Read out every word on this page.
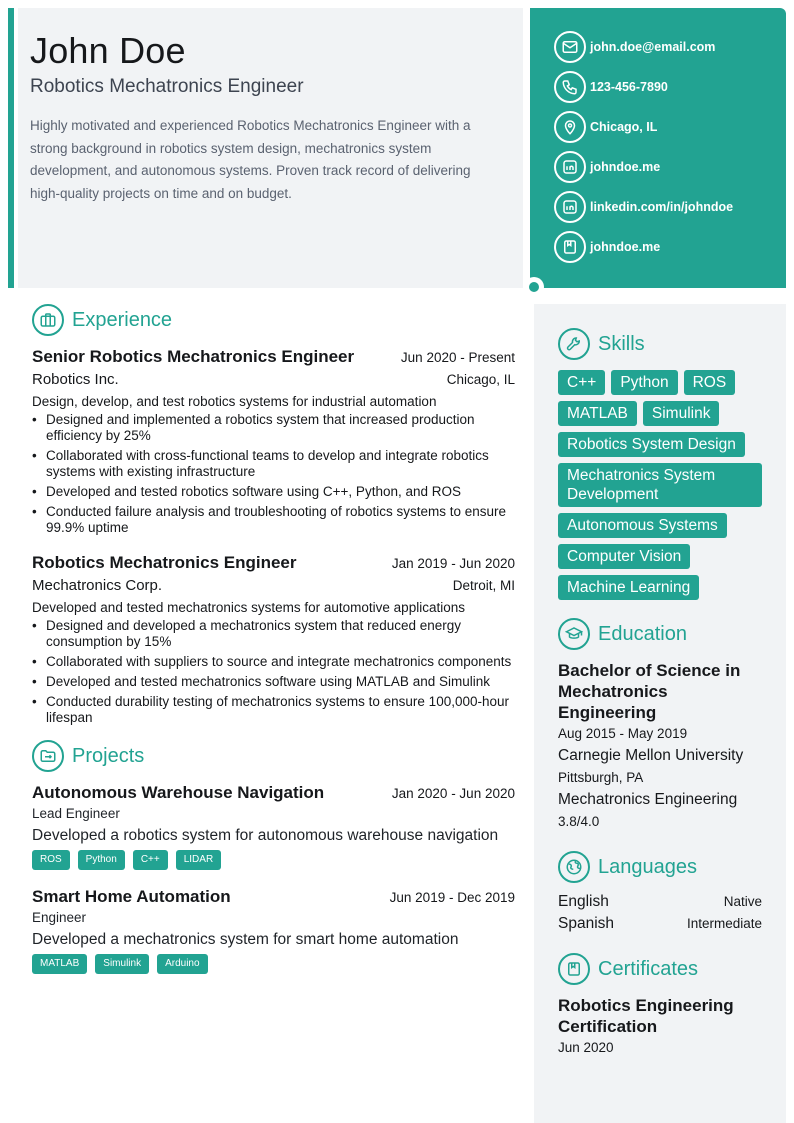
John Doe
Robotics Mechatronics Engineer
Highly motivated and experienced Robotics Mechatronics Engineer with a strong background in robotics system design, mechatronics system development, and autonomous systems. Proven track record of delivering high-quality projects on time and on budget.
john.doe@email.com
123-456-7890
Chicago, IL
johndoe.me
linkedin.com/in/johndoe
johndoe.me
Experience
Senior Robotics Mechatronics Engineer	Jun 2020 - Present
Robotics Inc.	Chicago, IL
Design, develop, and test robotics systems for industrial automation
• Designed and implemented a robotics system that increased production efficiency by 25%
• Collaborated with cross-functional teams to develop and integrate robotics systems with existing infrastructure
• Developed and tested robotics software using C++, Python, and ROS
• Conducted failure analysis and troubleshooting of robotics systems to ensure 99.9% uptime
Robotics Mechatronics Engineer	Jan 2019 - Jun 2020
Mechatronics Corp.	Detroit, MI
Developed and tested mechatronics systems for automotive applications
• Designed and developed a mechatronics system that reduced energy consumption by 15%
• Collaborated with suppliers to source and integrate mechatronics components
• Developed and tested mechatronics software using MATLAB and Simulink
• Conducted durability testing of mechatronics systems to ensure 100,000-hour lifespan
Projects
Autonomous Warehouse Navigation	Jan 2020 - Jun 2020
Lead Engineer
Developed a robotics system for autonomous warehouse navigation
ROS	Python	C++	LIDAR
Smart Home Automation	Jun 2019 - Dec 2019
Engineer
Developed a mechatronics system for smart home automation
MATLAB	Simulink	Arduino
Skills
C++	Python	ROS
MATLAB	Simulink
Robotics System Design
Mechatronics System Development
Autonomous Systems
Computer Vision
Machine Learning
Education
Bachelor of Science in Mechatronics Engineering
Aug 2015 - May 2019
Carnegie Mellon University
Pittsburgh, PA
Mechatronics Engineering
3.8/4.0
Languages
English	Native
Spanish	Intermediate
Certificates
Robotics Engineering Certification
Jun 2020
